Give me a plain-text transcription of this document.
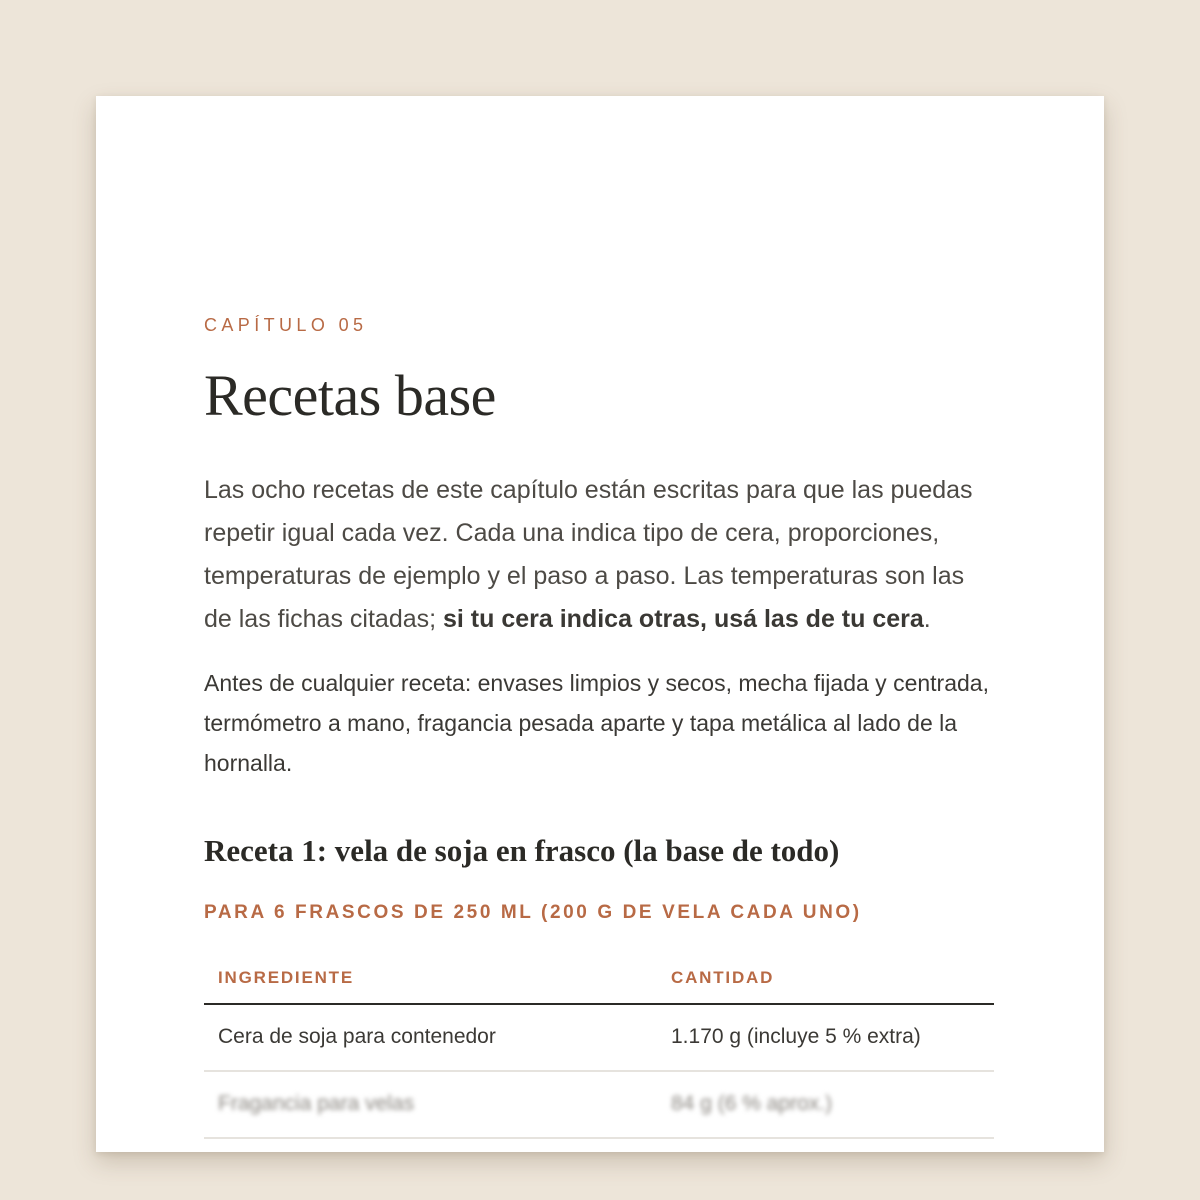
CAPÍTULO 05

Recetas base

Las ocho recetas de este capítulo están escritas para que las puedas repetir igual cada vez. Cada una indica tipo de cera, proporciones, temperaturas de ejemplo y el paso a paso. Las temperaturas son las de las fichas citadas; si tu cera indica otras, usá las de tu cera.

Antes de cualquier receta: envases limpios y secos, mecha fijada y centrada, termómetro a mano, fragancia pesada aparte y tapa metálica al lado de la hornalla.

Receta 1: vela de soja en frasco (la base de todo)

PARA 6 FRASCOS DE 250 ML (200 G DE VELA CADA UNO)

INGREDIENTE	CANTIDAD
Cera de soja para contenedor	1.170 g (incluye 5 % extra)
Fragancia para velas	84 g (6 % aprox.)
